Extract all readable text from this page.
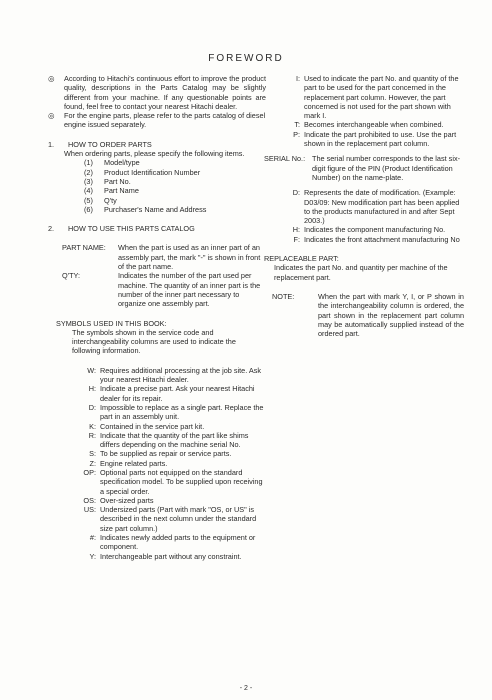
FOREWORD
◎	According to Hitachi's continuous effort to improve the product quality, descriptions in the Parts Catalog may be slightly different from your machine. If any questionable points are found, feel free to contact your nearest Hitachi dealer.

◎	For the engine parts, please refer to the parts catalog of diesel engine issued separately.

1.	HOW TO ORDER PARTS

When ordering parts, please specify the following items.

(1)	Model/type
(2)	Product Identification Number
(3)	Part No.
(4)	Part Name
(5)	Q'ty
(6)	Purchaser's Name and Address
2.	HOW TO USE THIS PARTS CATALOG
PART NAME:	When the part is used as an inner part of an assembly part, the mark "-" is shown in front of the part name.
Q'TY:	Indicates the number of the part used per machine. The quantity of an inner part is the number of the inner part necessary to organize one assembly part.

SYMBOLS USED IN THIS BOOK:

The symbols shown in the service code and interchangeability columns are used to indicate the following information.

W: Requires additional processing at the job site. Ask your nearest Hitachi dealer.
H: Indicate a precise part. Ask your nearest Hitachi dealer for its repair.
D: Impossible to replace as a single part. Replace the part in an assembly unit.
K: Contained in the service part kit.
R: Indicate that the quantity of the part like shims differs depending on the machine serial No.
S: To be supplied as repair or service parts.
Z: Engine related parts.
OP: Optional parts not equipped on the standard specification model. To be supplied upon receiving a special order.
OS: Over-sized parts
US: Undersized parts (Part with mark "OS, or US" is described in the next column under the standard size part column.)
#: Indicates newly added parts to the equipment or component.
Y: Interchangeable part without any constraint.
I: Used to indicate the part No. and quantity of the part to be used for the part concerned in the replacement part column. However, the part concerned is not used for the part shown with mark I.
T: Becomes interchangeable when combined.
P: Indicate the part prohibited to use. Use the part shown in the replacement part column.
SERIAL No.: The serial number corresponds to the last six-digit figure of the PIN (Product Identification Number) on the name-plate.
D: Represents the date of modification. (Example: D03/09: New modification part has been applied to the products manufactured in and after Sept 2003.)
H: Indicates the component manufacturing No.
F: Indicates the front attachment manufacturing No

REPLACEABLE PART:

Indicates the part No. and quantity per machine of the replacement part.

NOTE:	When the part with mark Y, I, or P shown in the interchangeability column is ordered, the part shown in the replacement part column may be automatically supplied instead of the ordered part.
- 2 -
